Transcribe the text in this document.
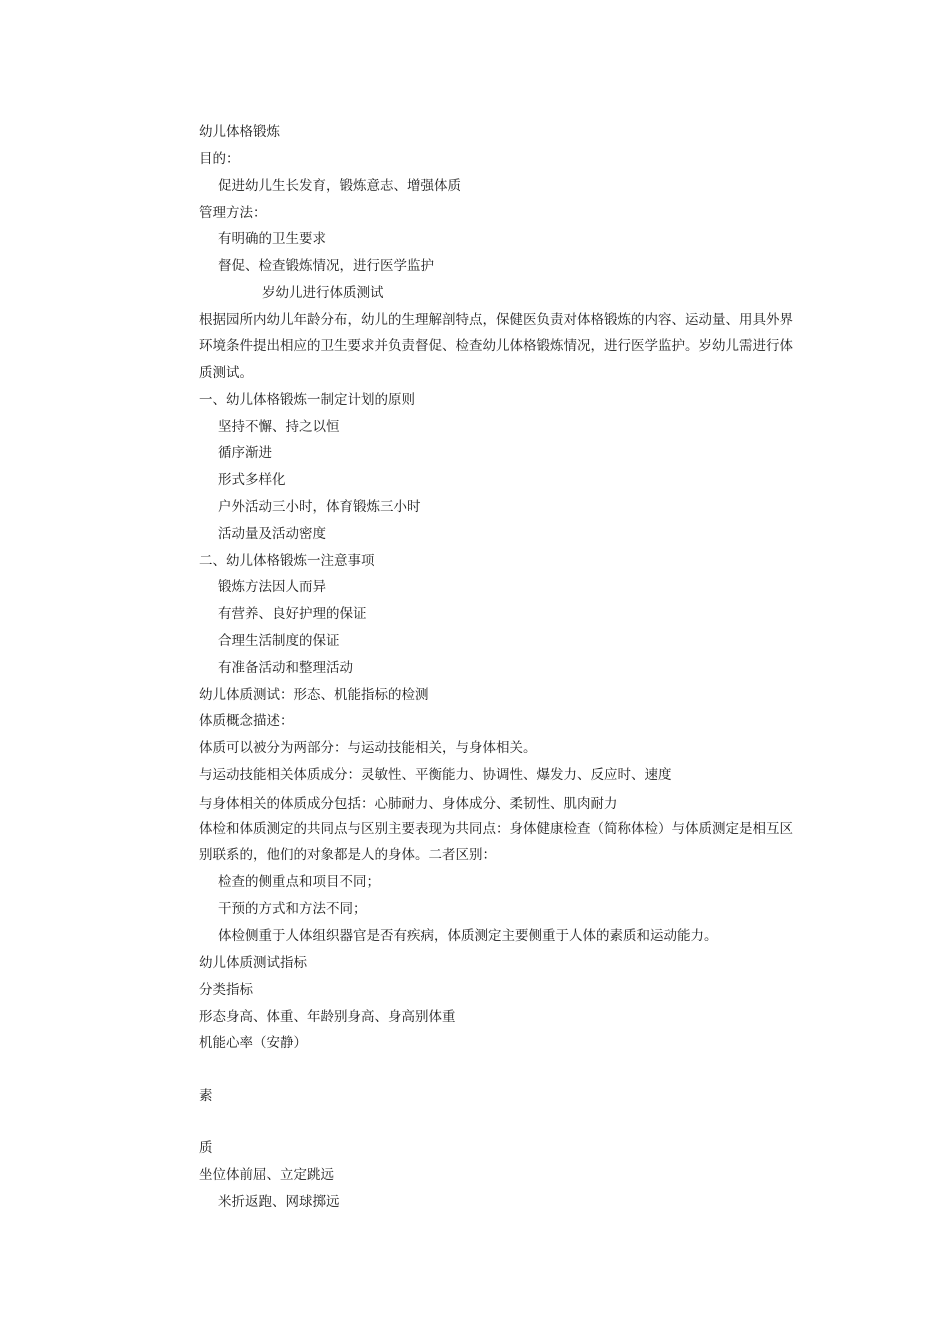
幼儿体格锻炼
目的：
促进幼儿生长发育，锻炼意志、增强体质
管理方法：
有明确的卫生要求
督促、检查锻炼情况，进行医学监护
岁幼儿进行体质测试
根据园所内幼儿年龄分布，幼儿的生理解剖特点，保健医负责对体格锻炼的内容、运动量、用具外界
环境条件提出相应的卫生要求并负责督促、检查幼儿体格锻炼情况，进行医学监护。岁幼儿需进行体
质测试。
一、幼儿体格锻炼一制定计划的原则
坚持不懈、持之以恒
循序渐进
形式多样化
户外活动三小时，体育锻炼三小时
活动量及活动密度
二、幼儿体格锻炼一注意事项
锻炼方法因人而异
有营养、良好护理的保证
合理生活制度的保证
有准备活动和整理活动
幼儿体质测试：形态、机能指标的检测
体质概念描述：
体质可以被分为两部分：与运动技能相关，与身体相关。
与运动技能相关体质成分：灵敏性、平衡能力、协调性、爆发力、反应时、速度
与身体相关的体质成分包括：心肺耐力、身体成分、柔韧性、肌肉耐力
体检和体质测定的共同点与区别主要表现为共同点：身体健康检查（简称体检）与体质测定是相互区
别联系的，他们的对象都是人的身体。二者区别：
检查的侧重点和项目不同；
干预的方式和方法不同；
体检侧重于人体组织器官是否有疾病，体质测定主要侧重于人体的素质和运动能力。
幼儿体质测试指标
分类指标
形态身高、体重、年龄别身高、身高别体重
机能心率（安静）
素
质
坐位体前屈、立定跳远
米折返跑、网球掷远
